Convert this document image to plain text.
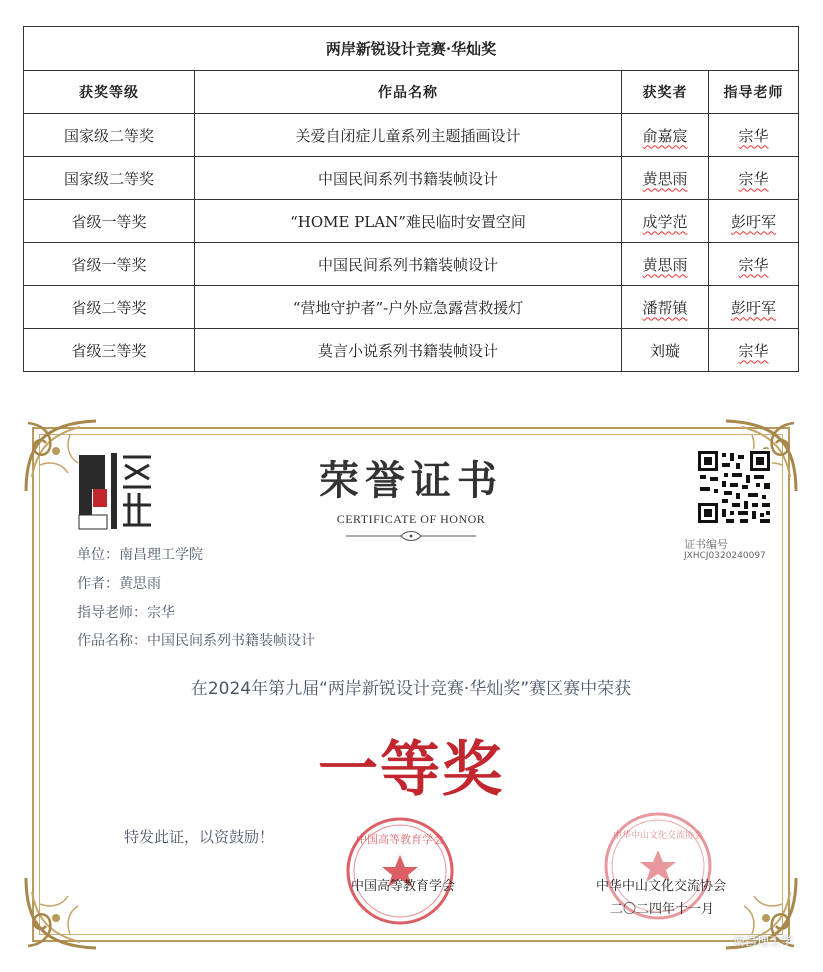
两岸新锐设计竞赛·华灿奖			
获奖等级	作品名称	获奖者	指导老师
国家级二等奖	关爱自闭症儿童系列主题插画设计	俞嘉宸	宗华
国家级二等奖	中国民间系列书籍装帧设计	黄思雨	宗华
省级一等奖	“HOME PLAN”难民临时安置空间	成学范	彭吁军
省级一等奖	中国民间系列书籍装帧设计	黄思雨	宗华
省级二等奖	“营地守护者”-户外应急露营救援灯	潘帮镇	彭吁军
省级三等奖	莫言小说系列书籍装帧设计	刘璇	宗华
荣誉证书
CERTIFICATE OF HONOR
证书编号
JXHCJ0320240097
单位：南昌理工学院
作者：黄思雨
指导老师：宗华
作品名称：中国民间系列书籍装帧设计
在2024年第九届“两岸新锐设计竞赛·华灿奖”赛区赛中荣获
一等奖
特发此证，以资鼓励！	中国高等教育学会	中华中山文化交流协会
中国高等教育学会	中华中山文化交流协会
二〇二四年十一月
南昌理工学
